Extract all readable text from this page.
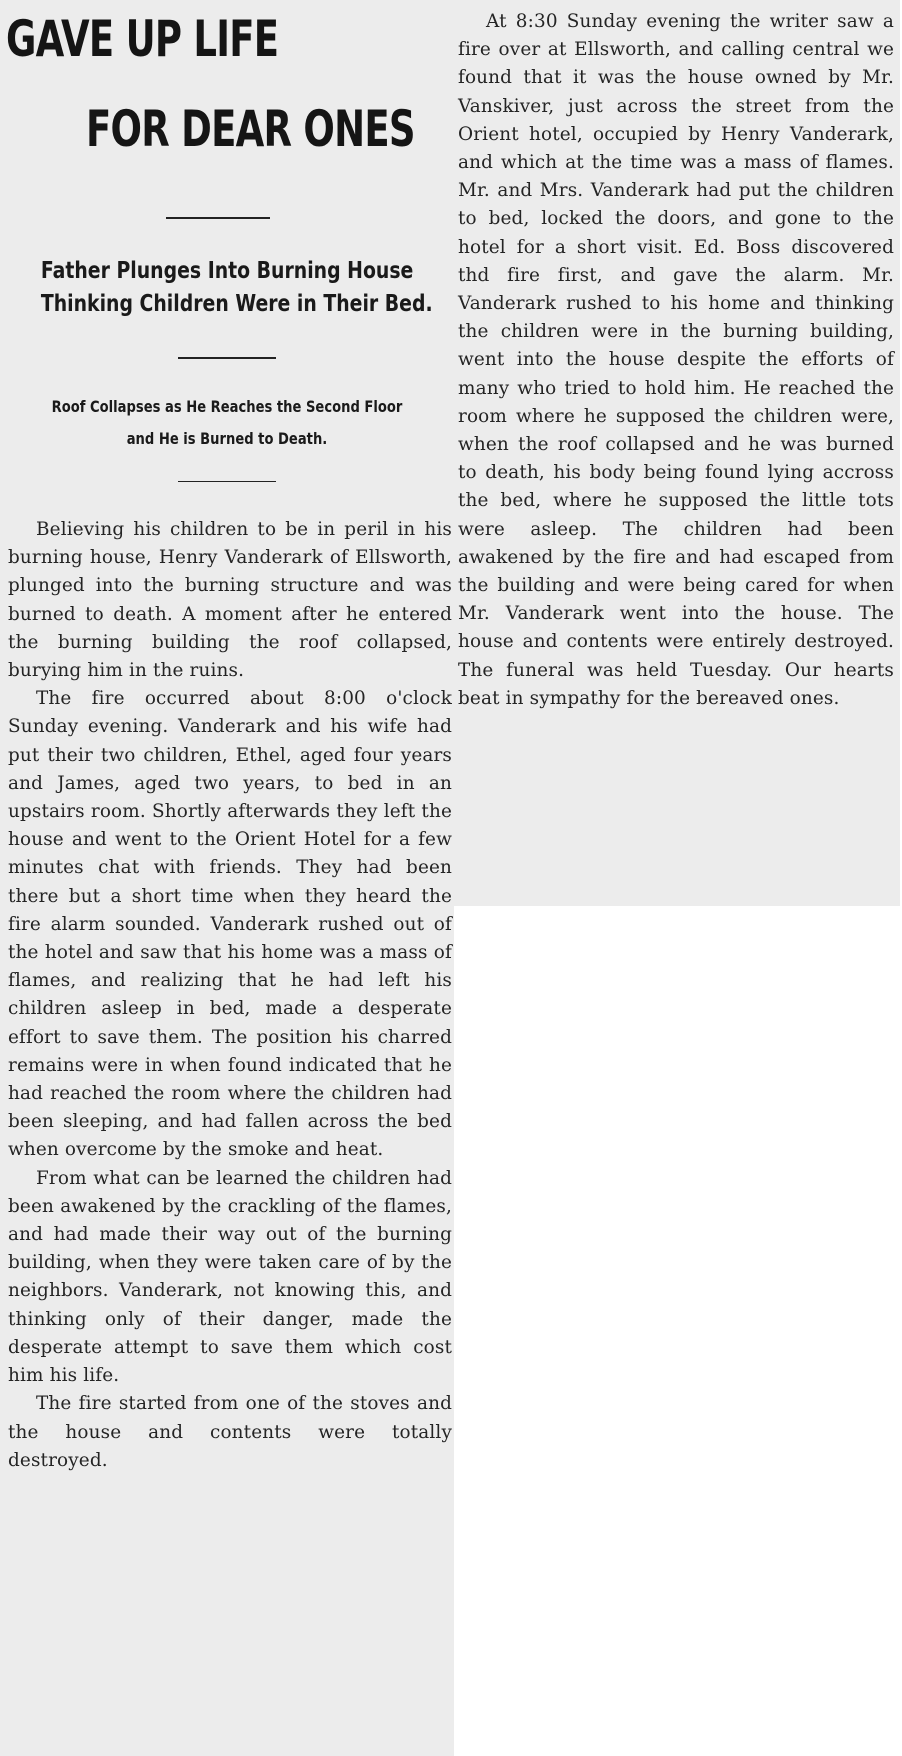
GAVE UP LIFE
FOR DEAR ONES
Father Plunges Into Burning House
Thinking Children Were in Their Bed.
Roof Collapses as He Reaches the Second Floor
and He is Burned to Death.

Believing his children to be in peril in his burning house, Henry Vanderark of Ellsworth, plunged into the burning structure and was burned to death. A moment after he entered the burning building the roof collapsed, burying him in the ruins.

The fire occurred about 8:00 o'clock Sunday evening. Vanderark and his wife had put their two children, Ethel, aged four years and James, aged two years, to bed in an upstairs room. Shortly afterwards they left the house and went to the Orient Hotel for a few minutes chat with friends. They had been there but a short time when they heard the fire alarm sounded. Vanderark rushed out of the hotel and saw that his home was a mass of flames, and realizing that he had left his children asleep in bed, made a desperate effort to save them. The position his charred remains were in when found indicated that he had reached the room where the children had been sleeping, and had fallen across the bed when overcome by the smoke and heat.

From what can be learned the children had been awakened by the crackling of the flames, and had made their way out of the burning building, when they were taken care of by the neighbors. Vanderark, not knowing this, and thinking only of their danger, made the desperate attempt to save them which cost him his life.

The fire started from one of the stoves and the house and contents were totally destroyed.

At 8:30 Sunday evening the writer saw a fire over at Ellsworth, and calling central we found that it was the house owned by Mr. Vanskiver, just across the street from the Orient hotel, occupied by Henry Vanderark, and which at the time was a mass of flames. Mr. and Mrs. Vanderark had put the children to bed, locked the doors, and gone to the hotel for a short visit. Ed. Boss discovered thd fire first, and gave the alarm. Mr. Vanderark rushed to his home and thinking the children were in the burning building, went into the house despite the efforts of many who tried to hold him. He reached the room where he supposed the children were, when the roof collapsed and he was burned to death, his body being found lying accross the bed, where he supposed the little tots were asleep. The children had been awakened by the fire and had escaped from the building and were being cared for when Mr. Vanderark went into the house. The house and contents were entirely destroyed. The funeral was held Tuesday. Our hearts beat in sympathy for the bereaved ones.
